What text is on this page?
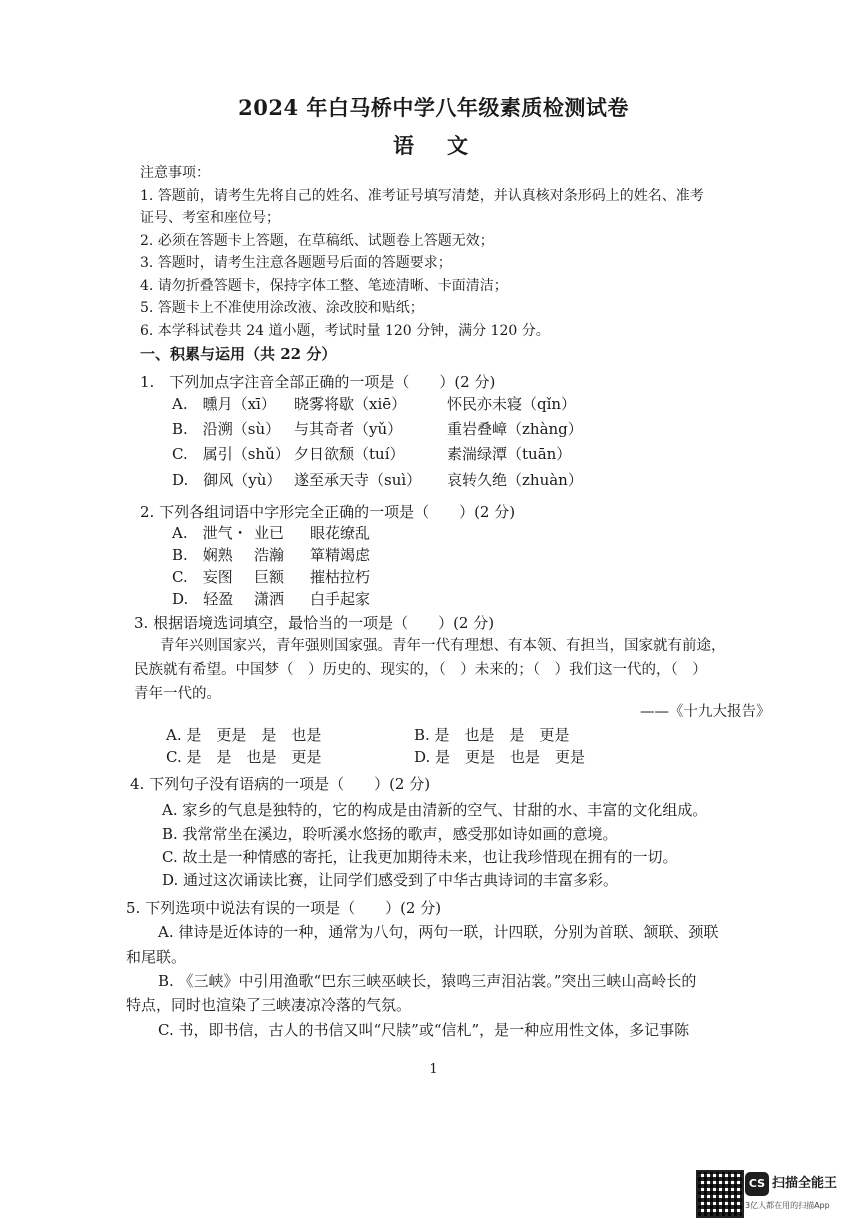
2024 年白马桥中学八年级素质检测试卷
语　文
注意事项：
1. 答题前，请考生先将自己的姓名、准考证号填写清楚，并认真核对条形码上的姓名、准考
证号、考室和座位号；
2. 必须在答题卡上答题，在草稿纸、试题卷上答题无效；
3. 答题时，请考生注意各题题号后面的答题要求；
4. 请勿折叠答题卡，保持字体工整、笔迹清晰、卡面清洁；
5. 答题卡上不准使用涂改液、涂改胶和贴纸；
6. 本学科试卷共 24 道小题，考试时量 120 分钟，满分 120 分。
一、积累与运用（共 22 分）
1.　下列加点字注音全部正确的一项是（　　）(2 分)
A.　曛月（xī） 晓雾将歇（xiē）	怀民亦未寝（qǐn）
B.　沿溯（sù） 与其奇者（yǔ）	重岩叠嶂（zhàng）
C.　属引（shǔ） 夕日欲颓（tuí）	素湍绿潭（tuān）
D.　御风（yù） 遂至承天寺（suì） 哀转久绝（zhuàn）
2. 下列各组词语中字形完全正确的一项是（　　）(2 分)
A.　泄气・ 业已 眼花缭乱
B.　娴熟 浩瀚 箪精竭虑
C.　妄图 巨额 摧枯拉朽
D.　轻盈 潇洒 白手起家
3. 根据语境选词填空，最恰当的一项是（　　）(2 分)
青年兴则国家兴，青年强则国家强。青年一代有理想、有本领、有担当，国家就有前途，
民族就有希望。中国梦（　）历史的、现实的，（　）未来的；（　）我们这一代的，（　）
青年一代的。
——《十九大报告》
A. 是　更是　是　也是	B. 是　也是　是　更是
C. 是　是　也是　更是	D. 是　更是　也是　更是
4. 下列句子没有语病的一项是（　　）(2 分)
A. 家乡的气息是独特的，它的构成是由清新的空气、甘甜的水、丰富的文化组成。
B. 我常常坐在溪边，聆听溪水悠扬的歌声，感受那如诗如画的意境。
C. 故土是一种情感的寄托，让我更加期待未来，也让我珍惜现在拥有的一切。
D. 通过这次诵读比赛，让同学们感受到了中华古典诗词的丰富多彩。
5. 下列选项中说法有误的一项是（　　）(2 分)
A. 律诗是近体诗的一种，通常为八句，两句一联，计四联，分别为首联、颔联、颈联
和尾联。
B. 《三峡》中引用渔歌“巴东三峡巫峡长，猿鸣三声泪沾裳。”突出三峡山高岭长的
特点，同时也渲染了三峡凄凉冷落的气氛。
C. 书，即书信，古人的书信又叫“尺牍”或“信札”，是一种应用性文体，多记事陈
1
CS 扫描全能王
3亿人都在用的扫描App
